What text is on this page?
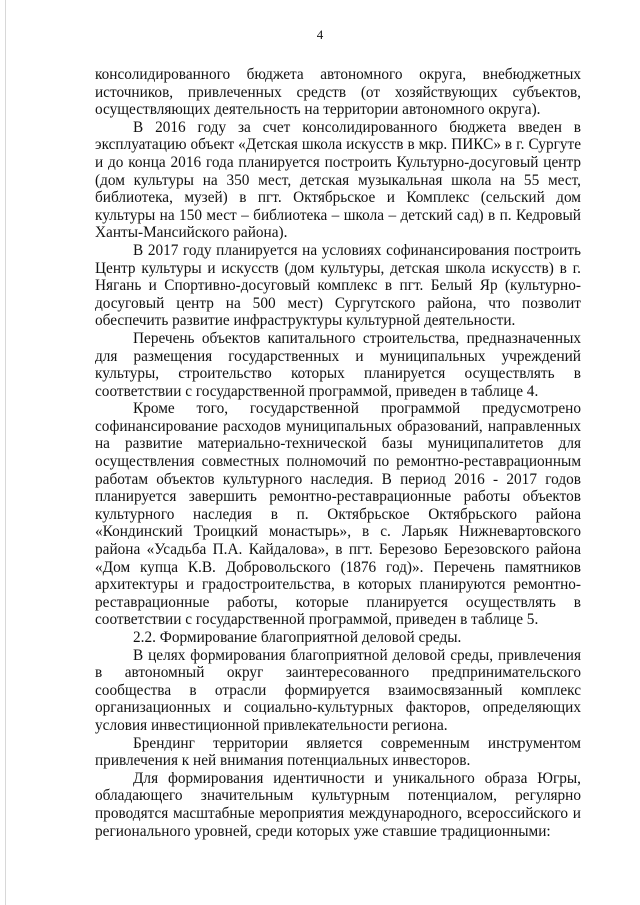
4

консолидированного бюджета автономного округа, внебюджетных источников, привлеченных средств (от хозяйствующих субъектов, осуществляющих деятельность на территории автономного округа).

В 2016 году за счет консолидированного бюджета введен в эксплуатацию объект «Детская школа искусств в мкр. ПИКС» в г. Сургуте и до конца 2016 года планируется построить Культурно-досуговый центр (дом культуры на 350 мест, детская музыкальная школа на 55 мест, библиотека, музей) в пгт. Октябрьское и Комплекс (сельский дом культуры на 150 мест – библиотека – школа – детский сад) в п. Кедровый Ханты-Мансийского района).

В 2017 году планируется на условиях софинансирования построить Центр культуры и искусств (дом культуры, детская школа искусств) в г. Нягань и Спортивно-досуговый комплекс в пгт. Белый Яр (культурно-досуговый центр на 500 мест) Сургутского района, что позволит обеспечить развитие инфраструктуры культурной деятельности.

Перечень объектов капитального строительства, предназначенных для размещения государственных и муниципальных учреждений культуры, строительство которых планируется осуществлять в соответствии с государственной программой, приведен в таблице 4.

Кроме того, государственной программой предусмотрено софинансирование расходов муниципальных образований, направленных на развитие материально-технической базы муниципалитетов для осуществления совместных полномочий по ремонтно-реставрационным работам объектов культурного наследия. В период 2016 - 2017 годов планируется завершить ремонтно-реставрационные работы объектов культурного наследия в п. Октябрьское Октябрьского района «Кондинский Троицкий монастырь», в с. Ларьяк Нижневартовского района «Усадьба П.А. Кайдалова», в пгт. Березово Березовского района «Дом купца К.В. Добровольского (1876 год)». Перечень памятников архитектуры и градостроительства, в которых планируются ремонтно-реставрационные работы, которые планируется осуществлять в соответствии с государственной программой, приведен в таблице 5.

2.2. Формирование благоприятной деловой среды.

В целях формирования благоприятной деловой среды, привлечения в автономный округ заинтересованного предпринимательского сообщества в отрасли формируется взаимосвязанный комплекс организационных и социально-культурных факторов, определяющих условия инвестиционной привлекательности региона.

Брендинг территории является современным инструментом привлечения к ней внимания потенциальных инвесторов.

Для формирования идентичности и уникального образа Югры, обладающего значительным культурным потенциалом, регулярно проводятся масштабные мероприятия международного, всероссийского и регионального уровней, среди которых уже ставшие традиционными:
